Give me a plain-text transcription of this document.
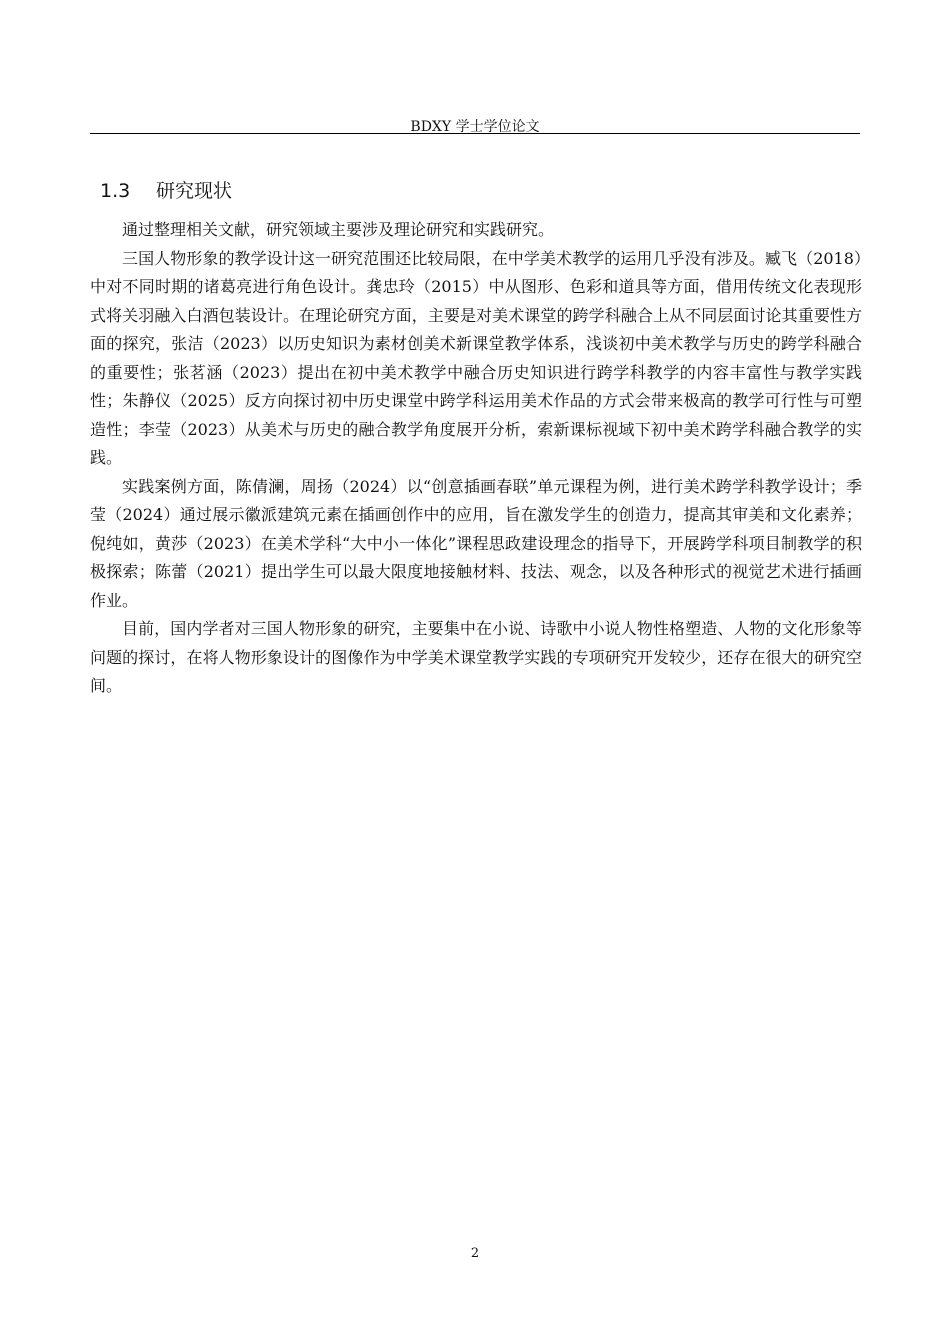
BDXY 学士学位论文
1.3 研究现状

通过整理相关文献，研究领域主要涉及理论研究和实践研究。

三国人物形象的教学设计这一研究范围还比较局限，在中学美术教学的运用几乎没有涉及。臧飞（2018）中对不同时期的诸葛亮进行角色设计。龚忠玲（2015）中从图形、色彩和道具等方面，借用传统文化表现形式将关羽融入白酒包装设计。在理论研究方面，主要是对美术课堂的跨学科融合上从不同层面讨论其重要性方面的探究，张洁（2023）以历史知识为素材创美术新课堂教学体系，浅谈初中美术教学与历史的跨学科融合的重要性；张茗涵（2023）提出在初中美术教学中融合历史知识进行跨学科教学的内容丰富性与教学实践性；朱静仪（2025）反方向探讨初中历史课堂中跨学科运用美术作品的方式会带来极高的教学可行性与可塑造性；李莹（2023）从美术与历史的融合教学角度展开分析，索新课标视域下初中美术跨学科融合教学的实践。

实践案例方面，陈倩澜，周扬（2024）以“创意插画春联”单元课程为例，进行美术跨学科教学设计；季莹（2024）通过展示徽派建筑元素在插画创作中的应用，旨在激发学生的创造力，提高其审美和文化素养；倪纯如，黄莎（2023）在美术学科“大中小一体化”课程思政建设理念的指导下，开展跨学科项目制教学的积极探索；陈蕾（2021）提出学生可以最大限度地接触材料、技法、观念，以及各种形式的视觉艺术进行插画作业。

目前，国内学者对三国人物形象的研究，主要集中在小说、诗歌中小说人物性格塑造、人物的文化形象等问题的探讨，在将人物形象设计的图像作为中学美术课堂教学实践的专项研究开发较少，还存在很大的研究空间。

2
